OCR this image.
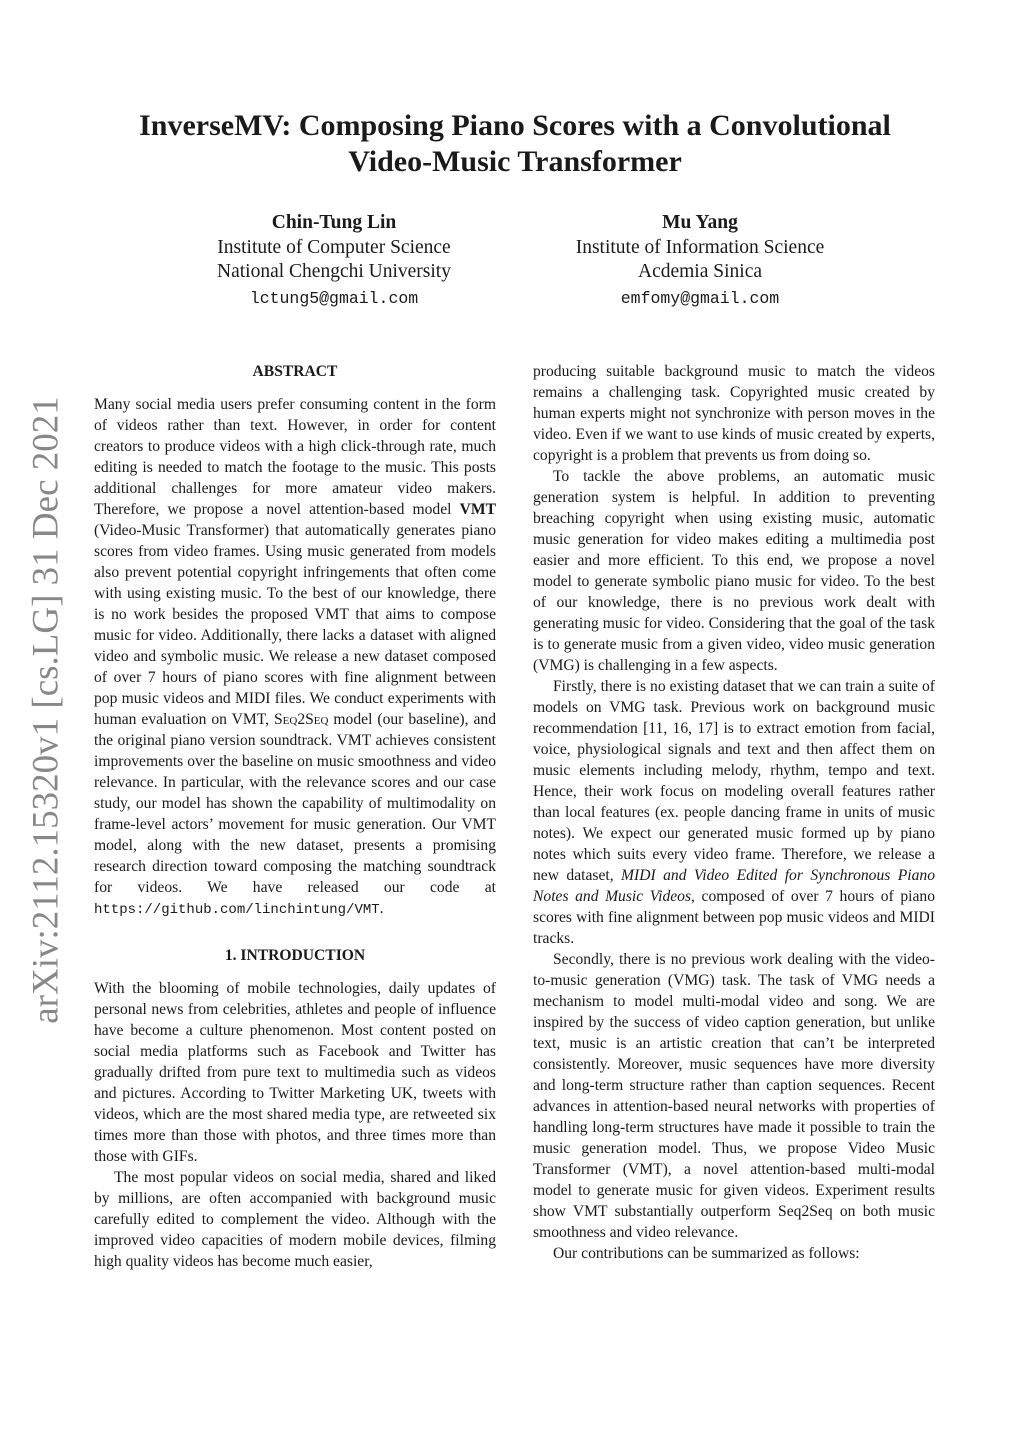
InverseMV: Composing Piano Scores with a Convolutional Video-Music Transformer
Chin-Tung Lin
Institute of Computer Science
National Chengchi University
lctung5@gmail.com
Mu Yang
Institute of Information Science
Acdemia Sinica
emfomy@gmail.com
arXiv:2112.15320v1 [cs.LG] 31 Dec 2021
ABSTRACT

Many social media users prefer consuming content in the form of videos rather than text. However, in order for content creators to produce videos with a high click-through rate, much editing is needed to match the footage to the music. This posts additional challenges for more amateur video makers. Therefore, we propose a novel attention-based model VMT (Video-Music Transformer) that automatically generates piano scores from video frames. Using music generated from models also prevent potential copyright infringements that often come with using existing music. To the best of our knowledge, there is no work besides the proposed VMT that aims to compose music for video. Additionally, there lacks a dataset with aligned video and symbolic music. We release a new dataset composed of over 7 hours of piano scores with fine alignment between pop music videos and MIDI files. We conduct experiments with human evaluation on VMT, Seq2Seq model (our baseline), and the original piano version soundtrack. VMT achieves consistent improvements over the baseline on music smoothness and video relevance. In particular, with the relevance scores and our case study, our model has shown the capability of multimodality on frame-level actors’ movement for music generation. Our VMT model, along with the new dataset, presents a promising research direction toward composing the matching soundtrack for videos. We have released our code at https://github.com/linchintung/VMT.

1. INTRODUCTION

With the blooming of mobile technologies, daily updates of personal news from celebrities, athletes and people of influence have become a culture phenomenon. Most content posted on social media platforms such as Facebook and Twitter has gradually drifted from pure text to multimedia such as videos and pictures. According to Twitter Marketing UK, tweets with videos, which are the most shared media type, are retweeted six times more than those with photos, and three times more than those with GIFs.

The most popular videos on social media, shared and liked by millions, are often accompanied with background music carefully edited to complement the video. Although with the improved video capacities of modern mobile devices, filming high quality videos has become much easier,

producing suitable background music to match the videos remains a challenging task. Copyrighted music created by human experts might not synchronize with person moves in the video. Even if we want to use kinds of music created by experts, copyright is a problem that prevents us from doing so.

To tackle the above problems, an automatic music generation system is helpful. In addition to preventing breaching copyright when using existing music, automatic music generation for video makes editing a multimedia post easier and more efficient. To this end, we propose a novel model to generate symbolic piano music for video. To the best of our knowledge, there is no previous work dealt with generating music for video. Considering that the goal of the task is to generate music from a given video, video music generation (VMG) is challenging in a few aspects.

Firstly, there is no existing dataset that we can train a suite of models on VMG task. Previous work on background music recommendation [11, 16, 17] is to extract emotion from facial, voice, physiological signals and text and then affect them on music elements including melody, rhythm, tempo and text. Hence, their work focus on modeling overall features rather than local features (ex. people dancing frame in units of music notes). We expect our generated music formed up by piano notes which suits every video frame. Therefore, we release a new dataset, MIDI and Video Edited for Synchronous Piano Notes and Music Videos, composed of over 7 hours of piano scores with fine alignment between pop music videos and MIDI tracks.

Secondly, there is no previous work dealing with the video-to-music generation (VMG) task. The task of VMG needs a mechanism to model multi-modal video and song. We are inspired by the success of video caption generation, but unlike text, music is an artistic creation that can’t be interpreted consistently. Moreover, music sequences have more diversity and long-term structure rather than caption sequences. Recent advances in attention-based neural networks with properties of handling long-term structures have made it possible to train the music generation model. Thus, we propose Video Music Transformer (VMT), a novel attention-based multi-modal model to generate music for given videos. Experiment results show VMT substantially outperform Seq2Seq on both music smoothness and video relevance.

Our contributions can be summarized as follows:
